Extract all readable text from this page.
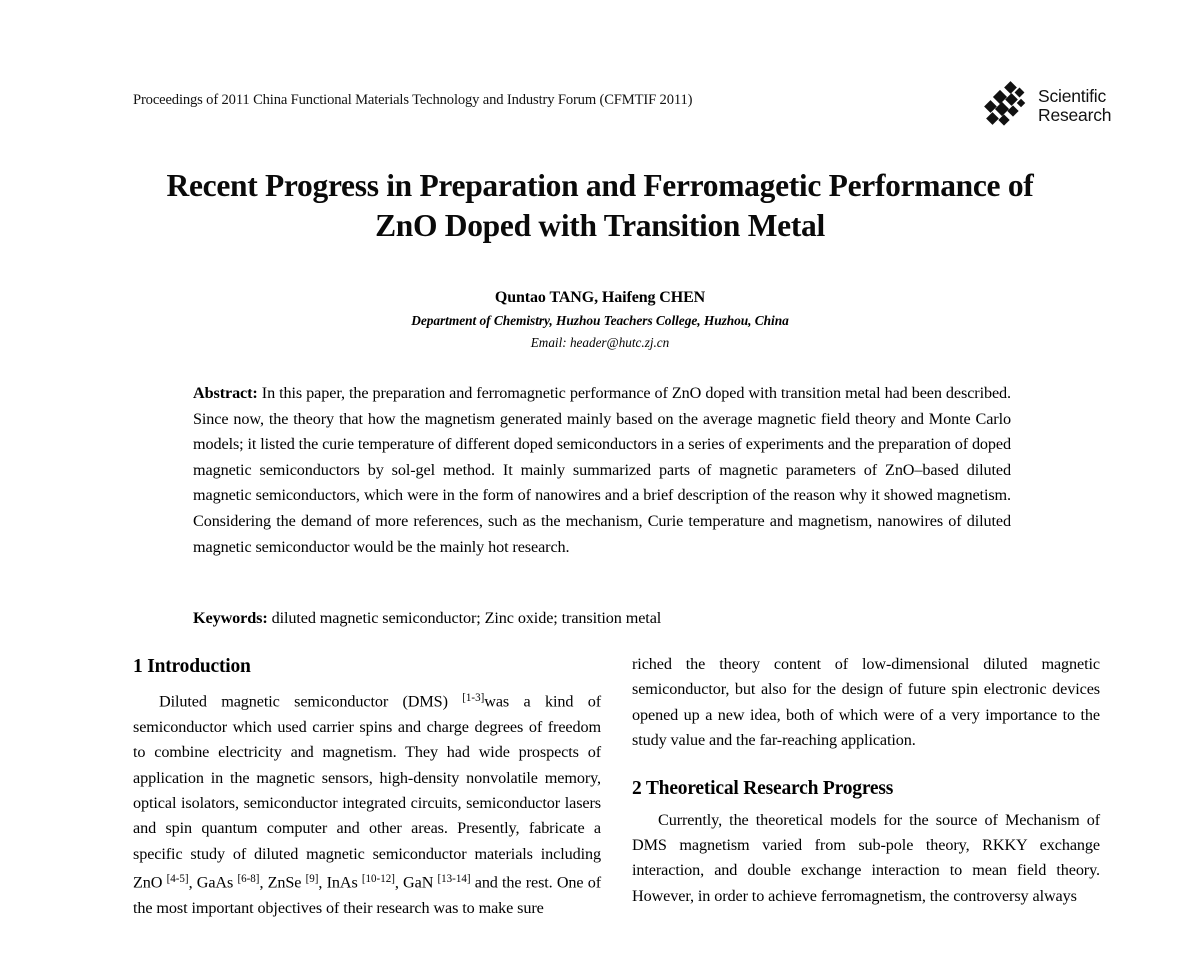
Proceedings of 2011 China Functional Materials Technology and Industry Forum (CFMTIF 2011)	Scientific
Research
Recent Progress in Preparation and Ferromagetic Performance of ZnO Doped with Transition Metal
Quntao TANG, Haifeng CHEN
Department of Chemistry, Huzhou Teachers College, Huzhou, China
Email: header@hutc.zj.cn
Abstract: In this paper, the preparation and ferromagnetic performance of ZnO doped with transition metal had been described. Since now, the theory that how the magnetism generated mainly based on the average magnetic field theory and Monte Carlo models; it listed the curie temperature of different doped semiconductors in a series of experiments and the preparation of doped magnetic semiconductors by sol-gel method. It mainly summarized parts of magnetic parameters of ZnO–based diluted magnetic semiconductors, which were in the form of nanowires and a brief description of the reason why it showed magnetism. Considering the demand of more references, such as the mechanism, Curie temperature and magnetism, nanowires of diluted magnetic semiconductor would be the mainly hot research.
Keywords: diluted magnetic semiconductor; Zinc oxide; transition metal
1 Introduction

Diluted magnetic semiconductor (DMS) [1-3]was a kind of semiconductor which used carrier spins and charge degrees of freedom to combine electricity and magnetism. They had wide prospects of application in the magnetic sensors, high-density nonvolatile memory, optical isolators, semiconductor integrated circuits, semiconductor lasers and spin quantum computer and other areas. Presently, fabricate a specific study of diluted magnetic semiconductor materials including ZnO [4-5], GaAs [6-8], ZnSe [9], InAs [10-12], GaN [13-14] and the rest. One of the most important objectives of their research was to make sure

riched the theory content of low-dimensional diluted magnetic semiconductor, but also for the design of future spin electronic devices opened up a new idea, both of which were of a very importance to the study value and the far-reaching application.

2 Theoretical Research Progress

Currently, the theoretical models for the source of Mechanism of DMS magnetism varied from sub-pole theory, RKKY exchange interaction, and double exchange interaction to mean field theory. However, in order to achieve ferromagnetism, the controversy always
